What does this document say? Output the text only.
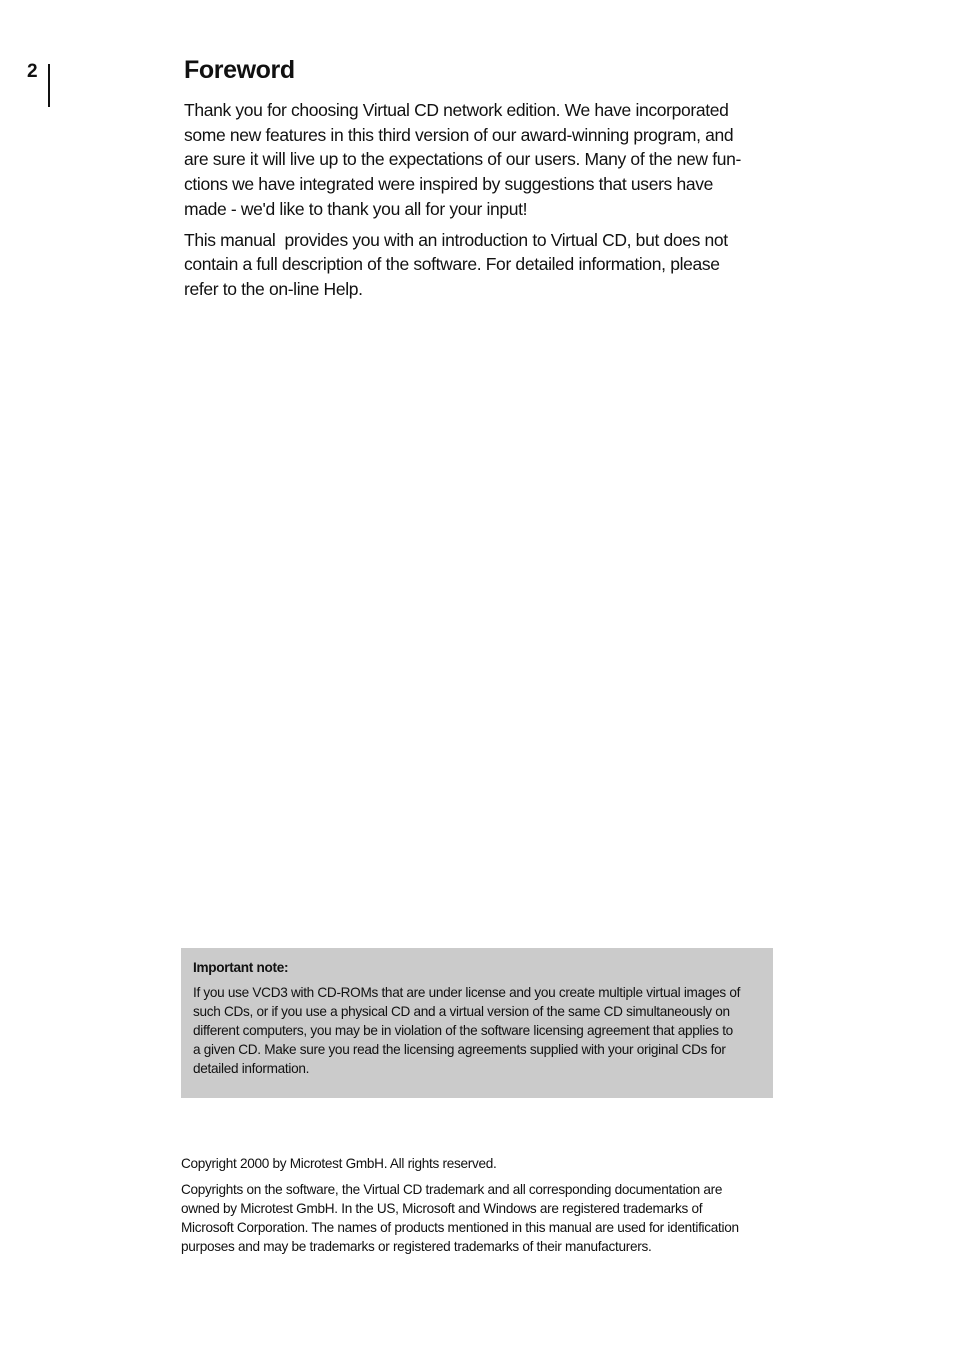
2	Foreword

Thank you for choosing Virtual CD network edition. We have incorporated
some new features in this third version of our award-winning program, and
are sure it will live up to the expectations of our users. Many of the new fun-
ctions we have integrated were inspired by suggestions that users have
made - we'd like to thank you all for your input!

This manual  provides you with an introduction to Virtual CD, but does not
contain a full description of the software. For detailed information, please
refer to the on-line Help.

Important note:

If you use VCD3 with CD-ROMs that are under license and you create multiple virtual images of
such CDs, or if you use a physical CD and a virtual version of the same CD simultaneously on
different computers, you may be in violation of the software licensing agreement that applies to
a given CD. Make sure you read the licensing agreements supplied with your original CDs for
detailed information.

Copyright 2000 by Microtest GmbH. All rights reserved.

Copyrights on the software, the Virtual CD trademark and all corresponding documentation are
owned by Microtest GmbH. In the US, Microsoft and Windows are registered trademarks of
Microsoft Corporation. The names of products mentioned in this manual are used for identification
purposes and may be trademarks or registered trademarks of their manufacturers.
